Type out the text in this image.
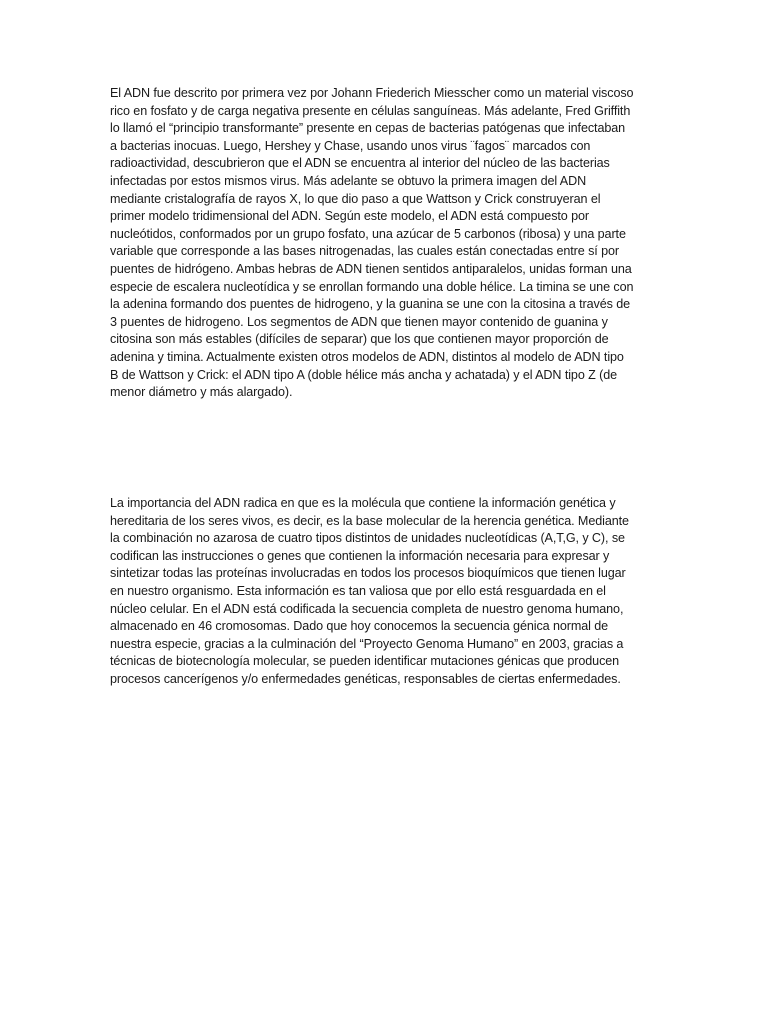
El ADN fue descrito por primera vez por Johann Friederich Miesscher como un material viscoso
rico en fosfato y de carga negativa presente en células sanguíneas. Más adelante, Fred Griffith
lo llamó el “principio transformante” presente en cepas de bacterias patógenas que infectaban
a bacterias inocuas. Luego, Hershey y Chase, usando unos virus ¨fagos¨ marcados con
radioactividad, descubrieron que el ADN se encuentra al interior del núcleo de las bacterias
infectadas por estos mismos virus. Más adelante se obtuvo la primera imagen del ADN
mediante cristalografía de rayos X, lo que dio paso a que Wattson y Crick construyeran el
primer modelo tridimensional del ADN. Según este modelo, el ADN está compuesto por
nucleótidos, conformados por un grupo fosfato, una azúcar de 5 carbonos (ribosa) y una parte
variable que corresponde a las bases nitrogenadas, las cuales están conectadas entre sí por
puentes de hidrógeno. Ambas hebras de ADN tienen sentidos antiparalelos, unidas forman una
especie de escalera nucleotídica y se enrollan formando una doble hélice. La timina se une con
la adenina formando dos puentes de hidrogeno, y la guanina se une con la citosina a través de
3 puentes de hidrogeno. Los segmentos de ADN que tienen mayor contenido de guanina y
citosina son más estables (difíciles de separar) que los que contienen mayor proporción de
adenina y timina. Actualmente existen otros modelos de ADN, distintos al modelo de ADN tipo
B de Wattson y Crick: el ADN tipo A (doble hélice más ancha y achatada) y el ADN tipo Z (de
menor diámetro y más alargado).

La importancia del ADN radica en que es la molécula que contiene la información genética y
hereditaria de los seres vivos, es decir, es la base molecular de la herencia genética. Mediante
la combinación no azarosa de cuatro tipos distintos de unidades nucleotídicas (A,T,G, y C), se
codifican las instrucciones o genes que contienen la información necesaria para expresar y
sintetizar todas las proteínas involucradas en todos los procesos bioquímicos que tienen lugar
en nuestro organismo. Esta información es tan valiosa que por ello está resguardada en el
núcleo celular. En el ADN está codificada la secuencia completa de nuestro genoma humano,
almacenado en 46 cromosomas. Dado que hoy conocemos la secuencia génica normal de
nuestra especie, gracias a la culminación del “Proyecto Genoma Humano” en 2003, gracias a
técnicas de biotecnología molecular, se pueden identificar mutaciones génicas que producen
procesos cancerígenos y/o enfermedades genéticas, responsables de ciertas enfermedades.
